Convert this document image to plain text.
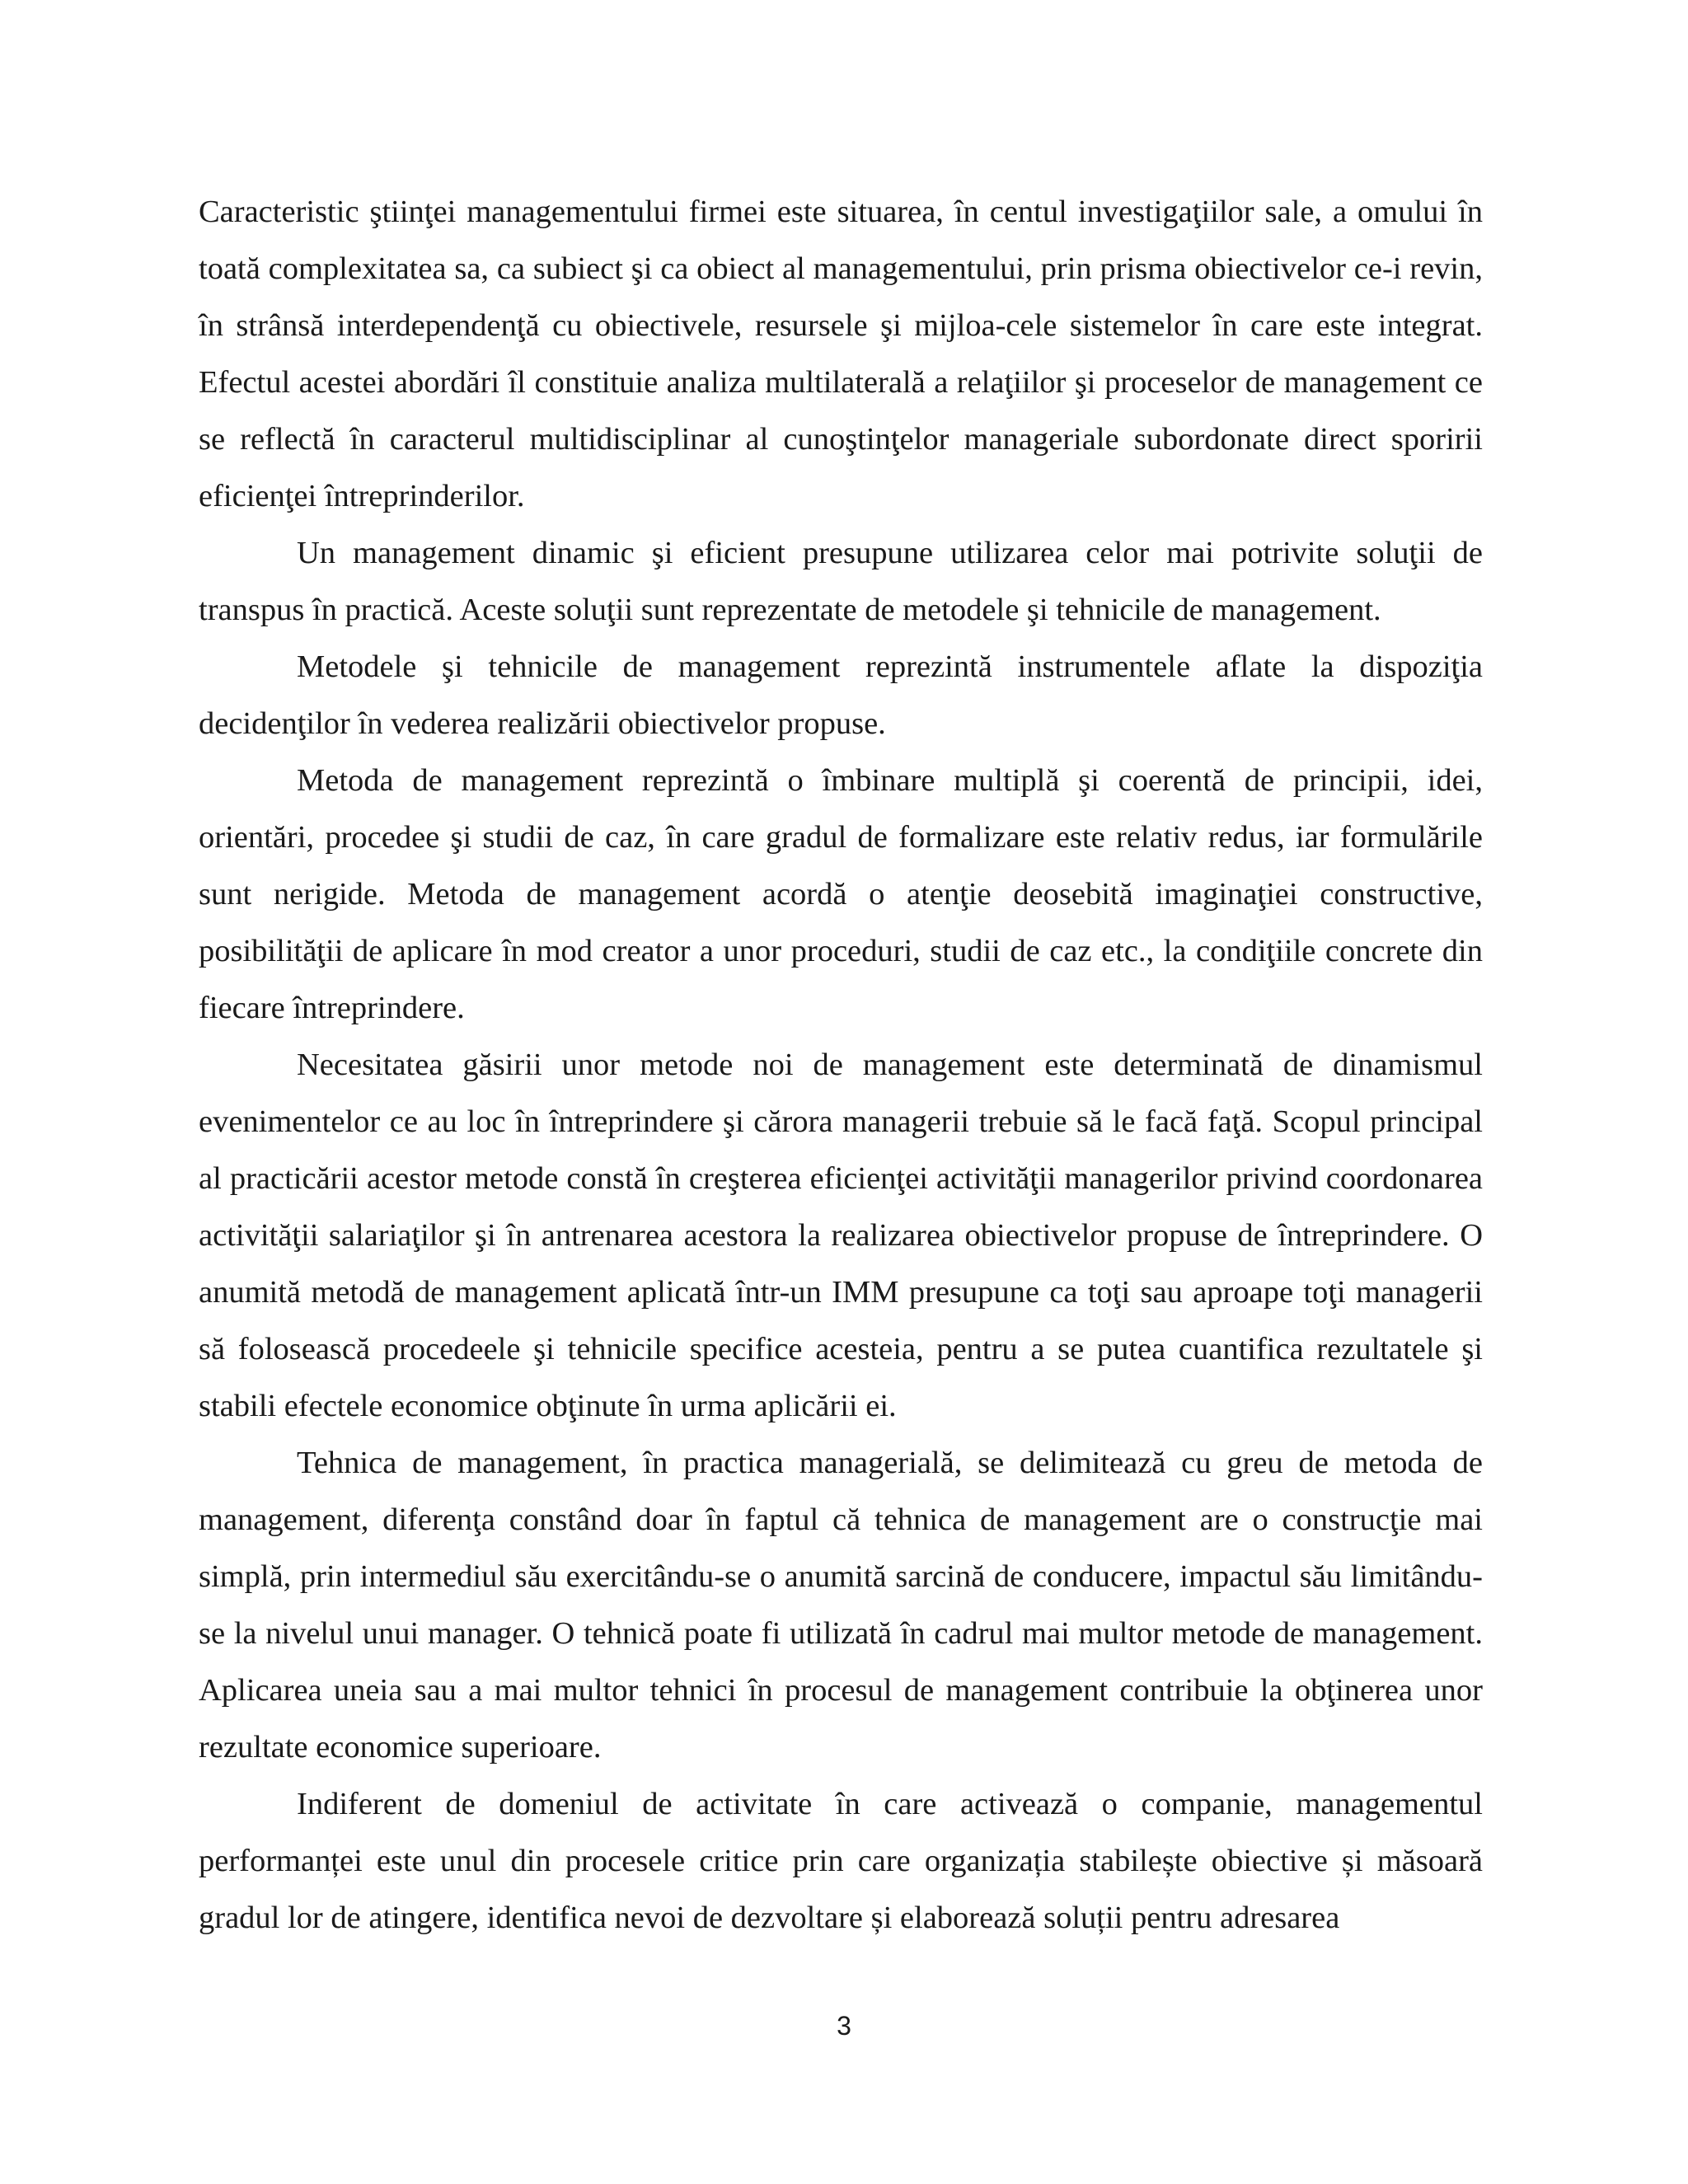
Caracteristic ştiinţei managementului firmei este situarea, în centul investigaţiilor sale, a omului în toată complexitatea sa, ca subiect şi ca obiect al managementului, prin prisma obiectivelor ce-i revin, în strânsă interdependenţă cu obiectivele, resursele şi mijloa-cele sistemelor în care este integrat. Efectul acestei abordări îl constituie analiza multilaterală a relaţiilor şi proceselor de management ce se reflectă în caracterul multidisciplinar al cunoştinţelor manageriale subordonate direct sporirii eficienţei întreprinderilor.

Un management dinamic şi eficient presupune utilizarea celor mai potrivite soluţii de transpus în practică. Aceste soluţii sunt reprezentate de metodele şi tehnicile de management.

Metodele şi tehnicile de management reprezintă instrumentele aflate la dispoziţia decidenţilor în vederea realizării obiectivelor propuse.

Metoda de management reprezintă o îmbinare multiplă şi coerentă de principii, idei, orientări, procedee şi studii de caz, în care gradul de formalizare este relativ redus, iar formulările sunt nerigide. Metoda de management acordă o atenţie deosebită imaginaţiei constructive, posibilităţii de aplicare în mod creator a unor proceduri, studii de caz etc., la condiţiile concrete din fiecare întreprindere.

Necesitatea găsirii unor metode noi de management este determinată de dinamismul evenimentelor ce au loc în întreprindere şi cărora managerii trebuie să le facă faţă. Scopul principal al practicării acestor metode constă în creşterea eficienţei activităţii managerilor privind coordonarea activităţii salariaţilor şi în antrenarea acestora la realizarea obiectivelor propuse de întreprindere. O anumită metodă de management aplicată într-un IMM presupune ca toţi sau aproape toţi managerii să folosească procedeele şi tehnicile specifice acesteia, pentru a se putea cuantifica rezultatele şi stabili efectele economice obţinute în urma aplicării ei.

Tehnica de management, în practica managerială, se delimitează cu greu de metoda de management, diferenţa constând doar în faptul că tehnica de management are o construcţie mai simplă, prin intermediul său exercitându-se o anumită sarcină de conducere, impactul său limitându-se la nivelul unui manager. O tehnică poate fi utilizată în cadrul mai multor metode de management. Aplicarea uneia sau a mai multor tehnici în procesul de management contribuie la obţinerea unor rezultate economice superioare.

Indiferent de domeniul de activitate în care activează o companie, managementul performanței este unul din procesele critice prin care organizația stabilește obiective și măsoară gradul lor de atingere, identifica nevoi de dezvoltare și elaborează soluții pentru adresarea

3
